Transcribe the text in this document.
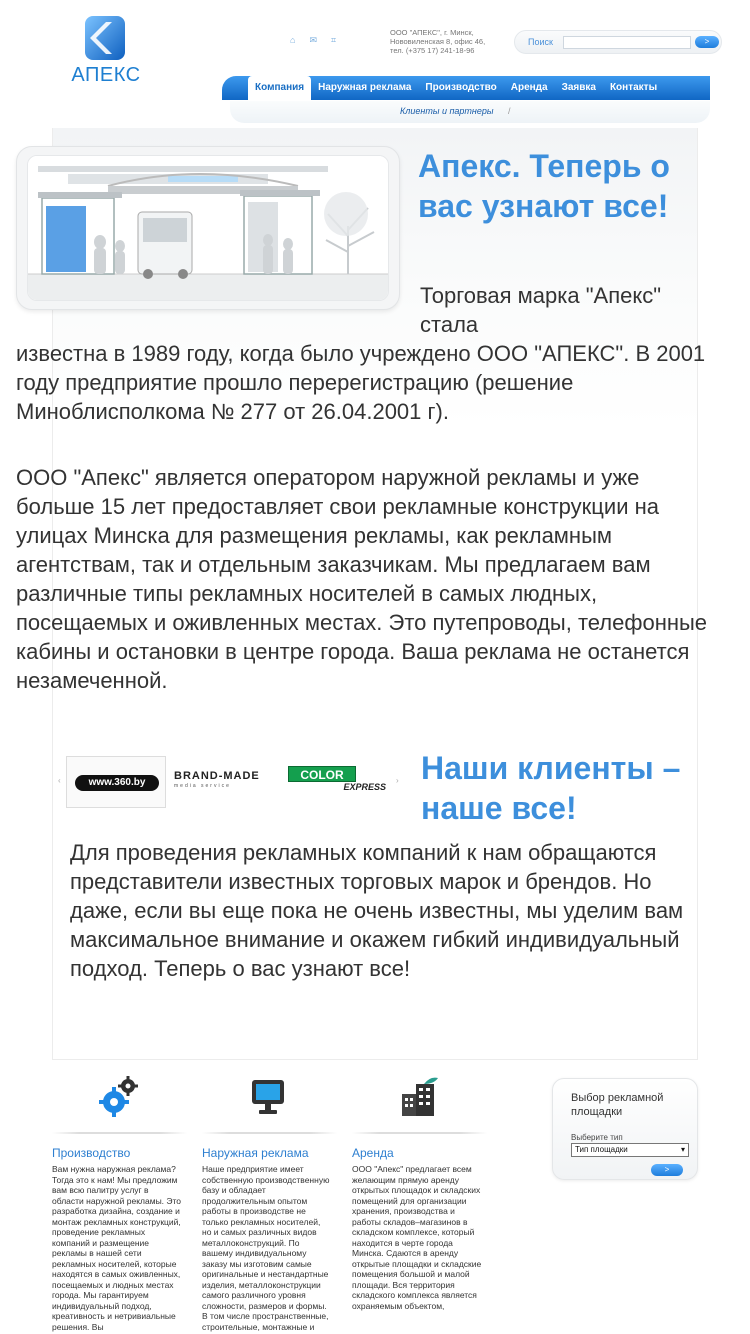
АПЕКС
⌂ ✉ ⌗
ООО "АПЕКС", г. Минск, Нововиленская 8, офис 46, тел. (+375 17) 241-18-96
Поиск	>
Компания	Наружная реклама	Производство	Аренда	Заявка	Контакты
Клиенты и партнеры /
Апекс. Теперь о вас узнают все!

Торговая марка "Апекс" стала

известна в 1989 году, когда было учреждено ООО "АПЕКС". В 2001 году предприятие прошло перерегистрацию (решение Миноблисполкома № 277 от 26.04.2001 г).

ООО "Апекс" является оператором наружной рекламы и уже больше 15 лет предоставляет свои рекламные конструкции на улицах Минска для размещения рекламы, как рекламным агентствам, так и отдельным заказчикам. Мы предлагаем вам различные типы рекламных носителей в самых людных, посещаемых и оживленных местах. Это путепроводы, телефонные кабины и остановки в центре города. Ваша реклама не останется незамеченной.

‹	www.360.by
BRAND-MADE
media service
COLOR
EXPRESS
› Наши клиенты – наше все!

Для проведения рекламных компаний к нам обращаются представители известных торговых марок и брендов. Но даже, если вы еще пока не очень известны, мы уделим вам максимальное внимание и окажем гибкий индивидуальный подход. Теперь о вас узнают все!

Производство
Вам нужна наружная реклама? Тогда это к нам! Мы предложим вам всю палитру услуг в области наружной рекламы. Это разработка дизайна, создание и монтаж рекламных конструкций, проведение рекламных компаний и размещение рекламы в нашей сети рекламных носителей, которые находятся в самых оживленных, посещаемых и людных местах города. Мы гарантируем индивидуальный подход, креативность и нетривиальные решения. Вы
Наружная реклама
Наше предприятие имеет собственную производственную базу и обладает продолжительным опытом работы в производстве не только рекламных носителей, но и самых различных видов металлоконструкций. По вашему индивидуальному заказу мы изготовим самые оригинальные и нестандартные изделия, металлоконструкции самого различного уровня сложности, размеров и формы. В том числе пространственные, строительные, монтажные и
Аренда
ООО "Апекс" предлагает всем желающим прямую аренду открытых площадок и складских помещений для организации хранения, производства и работы складов–магазинов в складском комплексе, который находится в черте города Минска. Сдаются в аренду открытые площадки и складские помещения большой и малой площади. Вся территория складского комплекса является охраняемым объектом,
Выбор рекламной площадки
Выберите тип
Тип площадки	▾
>
